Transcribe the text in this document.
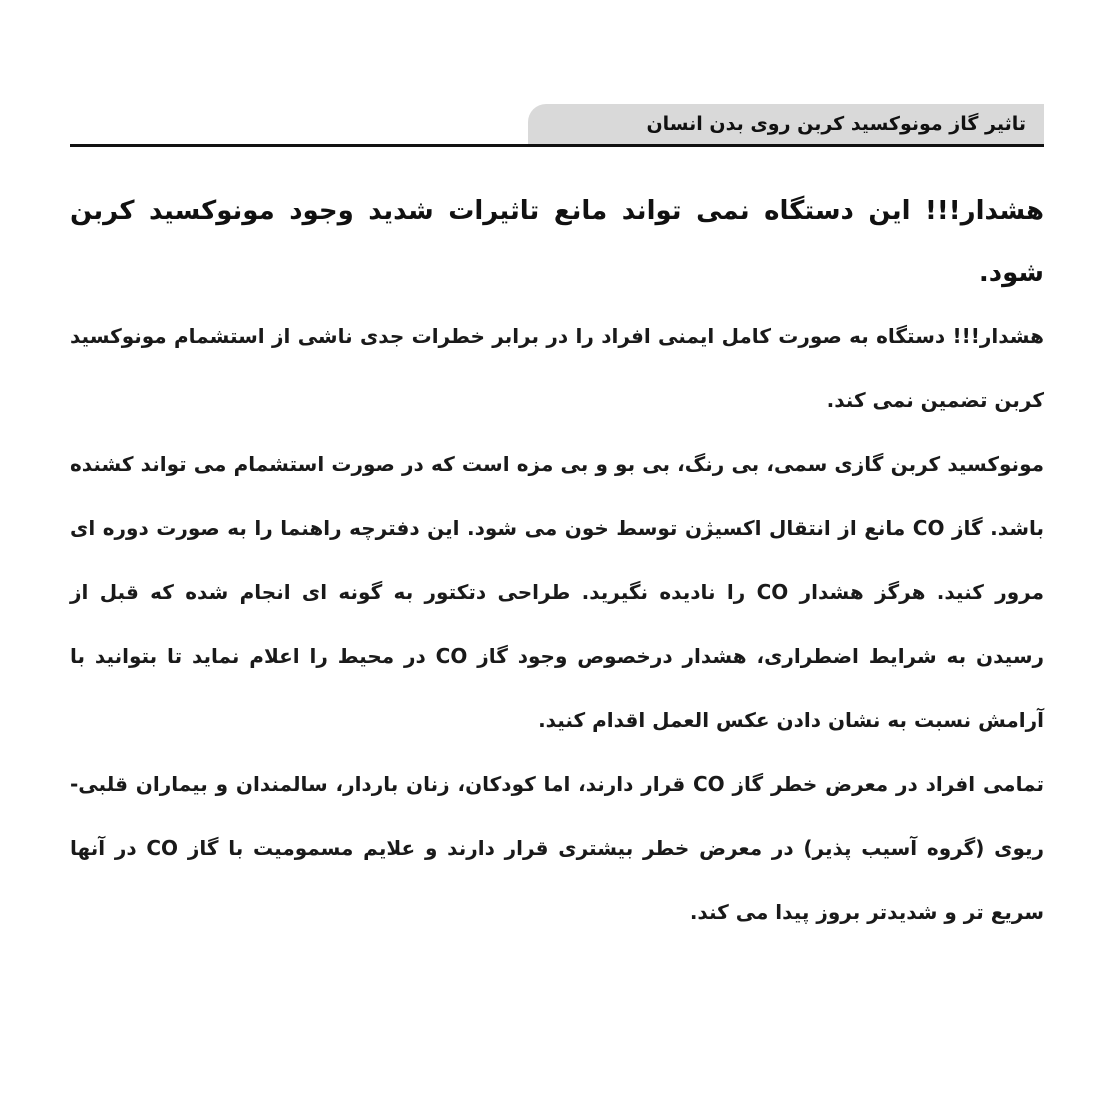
تاثیر گاز مونوکسید کربن روی بدن انسان

هشدار!!! این دستگاه نمی تواند مانع تاثیرات شدید وجود مونوکسید کربن شود.

هشدار!!! دستگاه به صورت کامل ایمنی افراد را در برابر خطرات جدی ناشی از استشمام مونوکسید کربن تضمین نمی کند.

مونوکسید کربن گازی سمی، بی رنگ، بی بو و بی مزه است که در صورت استشمام می تواند کشنده باشد. گاز CO مانع از انتقال اکسیژن توسط خون می شود. این دفترچه راهنما را به صورت دوره ای مرور کنید. هرگز هشدار CO را نادیده نگیرید. طراحی دتکتور به گونه ای انجام شده که قبل از رسیدن به شرایط اضطراری، هشدار درخصوص وجود گاز CO در محیط را اعلام نماید تا بتوانید با آرامش نسبت به نشان دادن عکس العمل اقدام کنید.

تمامی افراد در معرض خطر گاز CO قرار دارند، اما کودکان، زنان باردار، سالمندان و بیماران قلبی-ریوی (گروه آسیب پذیر) در معرض خطر بیشتری قرار دارند و علایم مسمومیت با گاز CO در آنها سریع تر و شدیدتر بروز پیدا می کند.
